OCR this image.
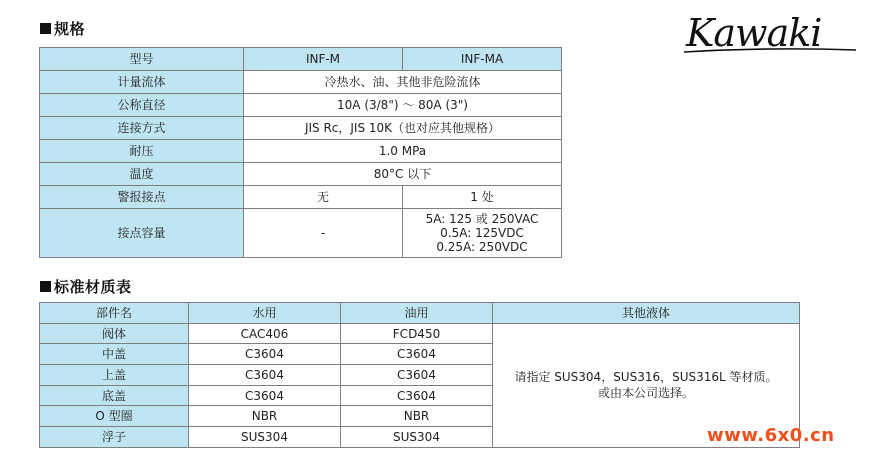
规格
型号	INF-M	INF-MA
计量流体	冷热水、油、其他非危险流体	
公称直径	10A (3/8") ～ 80A (3")	
连接方式	JIS Rc，JIS 10K（也对应其他规格）	
耐压	1.0 MPa	
温度	80°C 以下	
警报接点	无	1 处
接点容量	-	5A: 125 或 250VAC
0.5A: 125VDC
0.25A: 250VDC
标准材质表
部件名	水用	油用	其他液体
阀体	CAC406	FCD450	请指定 SUS304，SUS316，SUS316L 等材质。
或由本公司选择。

中盖	C3604	C3604	
上盖	C3604	C3604	
底盖	C3604	C3604	
O 型圈	NBR	NBR	
浮子	SUS304	SUS304	
Kawaki
www.6x0.cn
